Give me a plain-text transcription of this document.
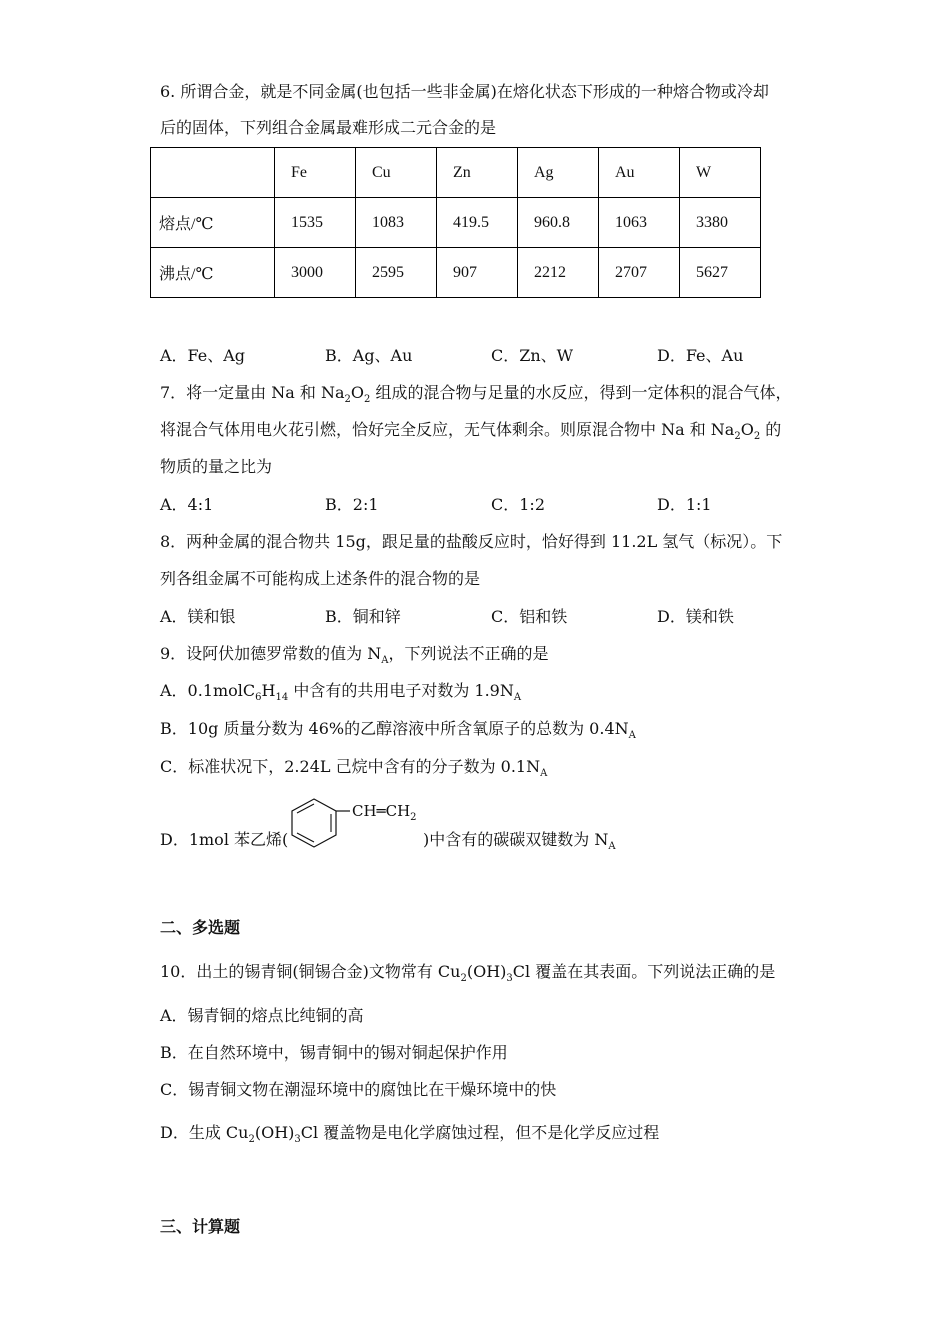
6. 所谓合金，就是不同金属(也包括一些非金属)在熔化状态下形成的一种熔合物或冷却
后的固体，下列组合金属最难形成二元合金的是
	Fe	Cu	Zn	Ag	Au	W
熔点/℃	1535	1083	419.5	960.8	1063	3380
沸点/℃	3000	2595	907	2212	2707	5627
A．Fe、Ag	B．Ag、Au	C．Zn、W	D．Fe、Au
7．将一定量由 Na 和 $Na_2O_2$ 组成的混合物与足量的水反应，得到一定体积的混合气体，
将混合气体用电火花引燃，恰好完全反应，无气体剩余。则原混合物中 Na 和 $Na_2O_2$ 的
物质的量之比为
A．4:1	B．2:1	C．1:2	D．1:1
8．两种金属的混合物共 15g，跟足量的盐酸反应时，恰好得到 11.2L 氢气（标况）。下
列各组金属不可能构成上述条件的混合物的是
A．镁和银	B．铜和锌	C．铝和铁	D．镁和铁
9．设阿伏加德罗常数的值为 $N_A$，下列说法不正确的是
A．$0.1molC_6H_{14}$ 中含有的共用电子对数为 $1.9N_A$
B．10g 质量分数为 46%的乙醇溶液中所含氧原子的总数为 $0.4N_A$
C．标准状况下，2.24L 己烷中含有的分子数为 $0.1N_A$
D．1mol 苯乙烯(
$CH═CH_2$
)中含有的碳碳双键数为 $N_A$
二、多选题
10．出土的锡青铜(铜锡合金)文物常有 $Cu_2(OH)_3Cl$ 覆盖在其表面。下列说法正确的是
A．锡青铜的熔点比纯铜的高
B．在自然环境中，锡青铜中的锡对铜起保护作用
C．锡青铜文物在潮湿环境中的腐蚀比在干燥环境中的快
D．生成 $Cu_2(OH)_3Cl$ 覆盖物是电化学腐蚀过程，但不是化学反应过程
三、计算题
